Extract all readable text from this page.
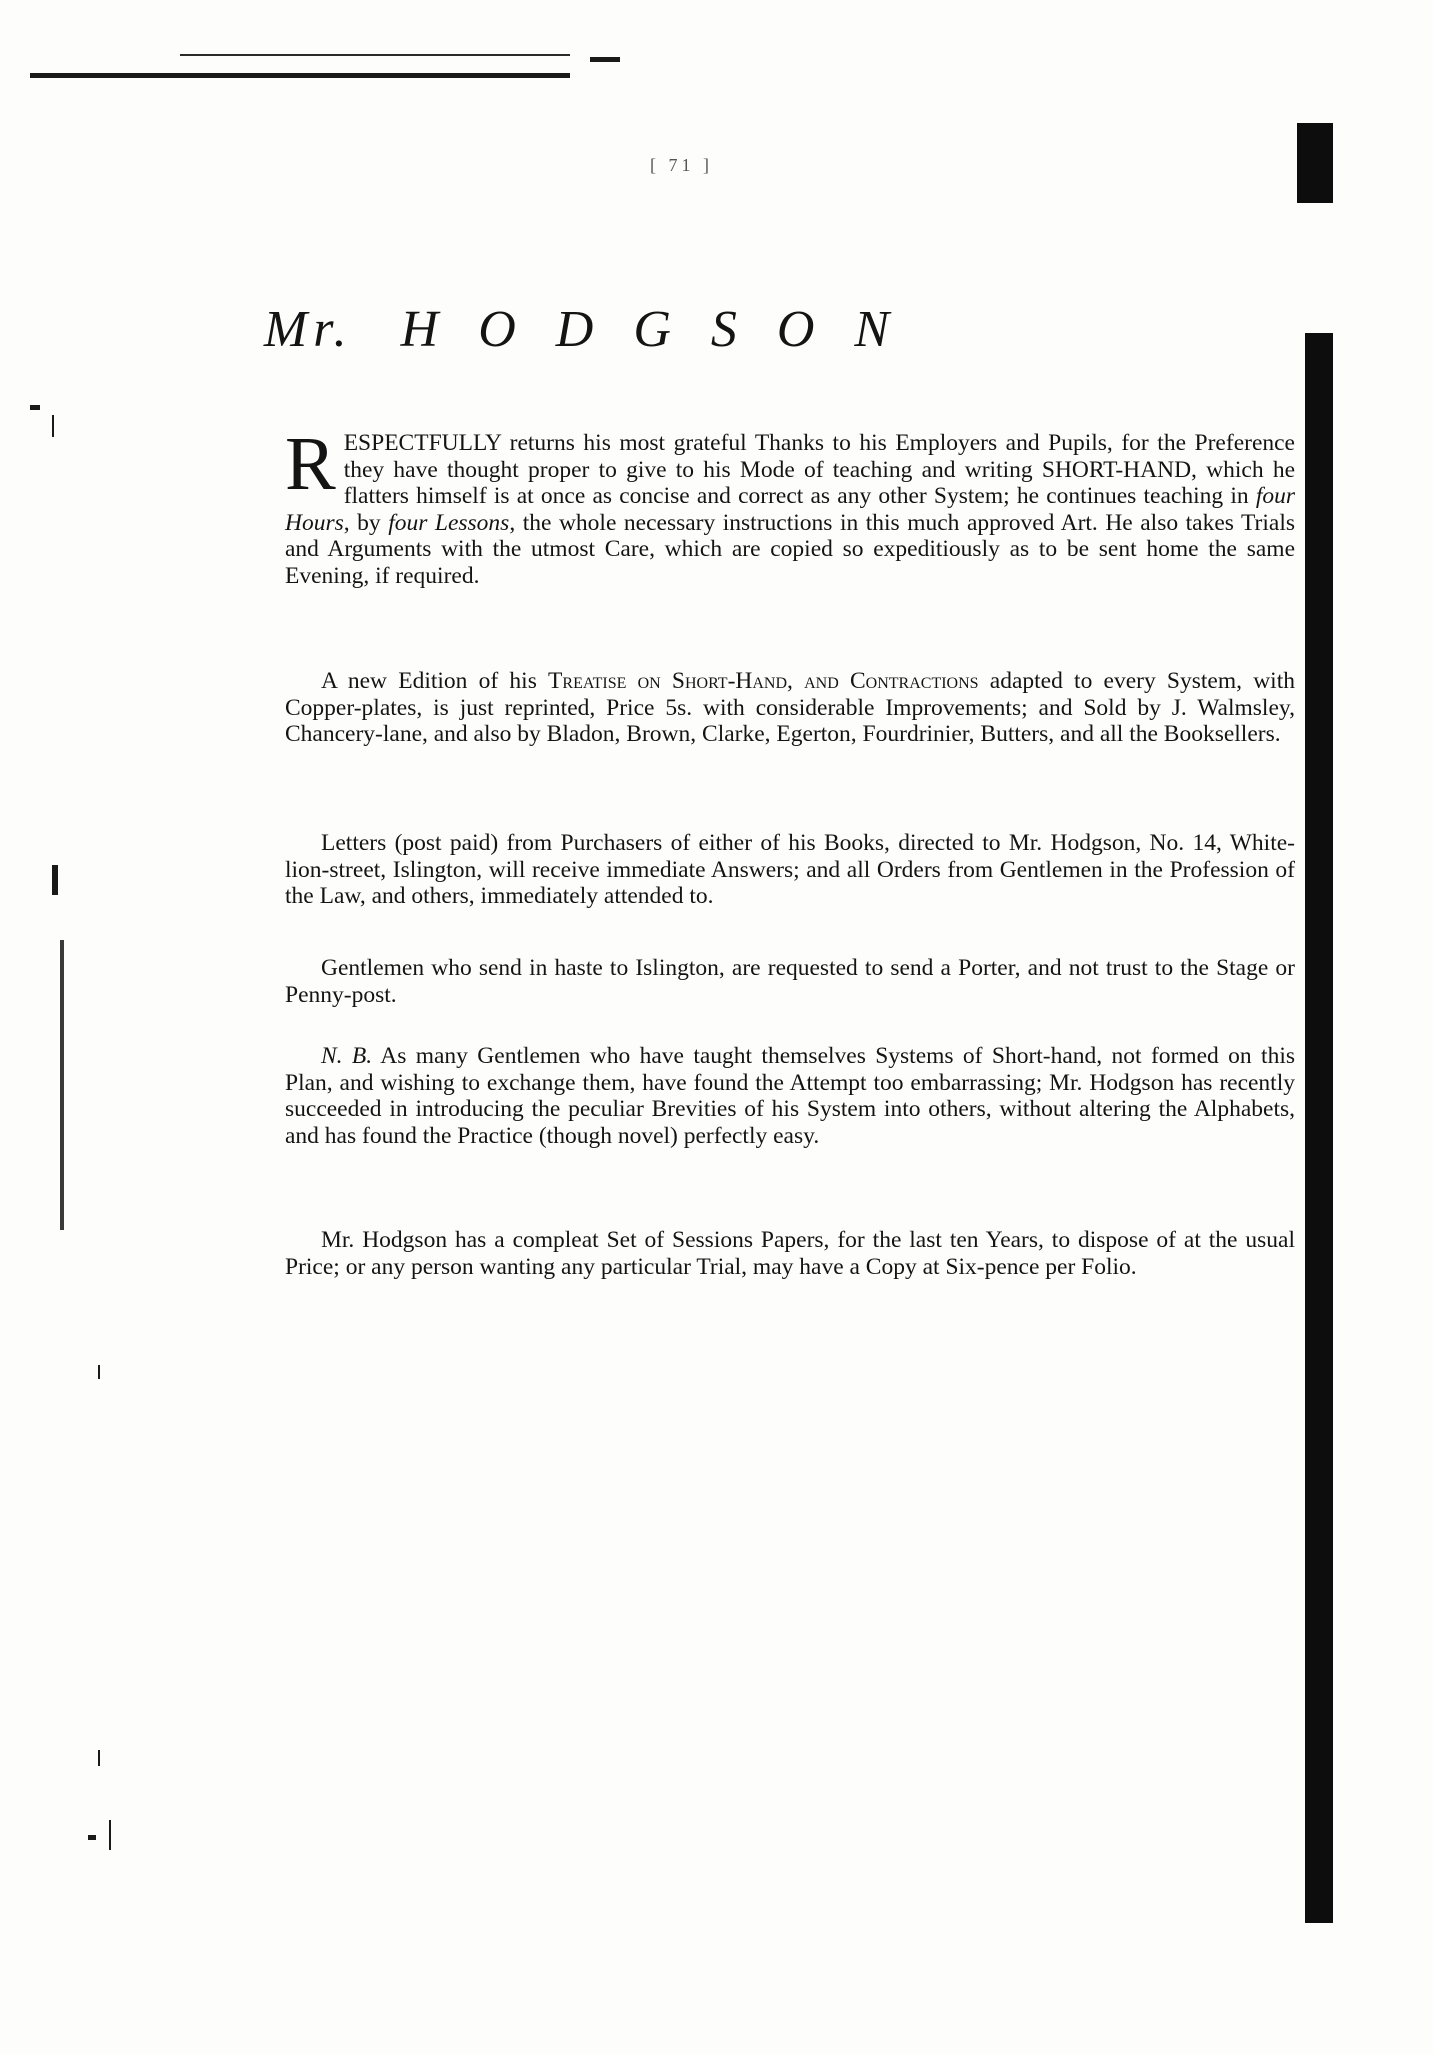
[ 71 ]
Mr. HODGSON
RESPECTFULLY returns his most grateful Thanks to his Employers and Pupils, for the Preference they have thought proper to give to his Mode of teaching and writing SHORT-HAND, which he flatters himself is at once as concise and correct as any other System; he continues teaching in four Hours, by four Lessons, the whole necessary instructions in this much approved Art. He also takes Trials and Arguments with the utmost Care, which are copied so expeditiously as to be sent home the same Evening, if required.
A new Edition of his Treatise on Short-Hand, and Contractions adapted to every System, with Copper-plates, is just reprinted, Price 5s. with considerable Improvements; and Sold by J. Walmsley, Chancery-lane, and also by Bladon, Brown, Clarke, Egerton, Fourdrinier, Butters, and all the Booksellers.
Letters (post paid) from Purchasers of either of his Books, directed to Mr. Hodgson, No. 14, White-lion-street, Islington, will receive immediate Answers; and all Orders from Gentlemen in the Profession of the Law, and others, immediately attended to.
Gentlemen who send in haste to Islington, are requested to send a Porter, and not trust to the Stage or Penny-post.
N. B. As many Gentlemen who have taught themselves Systems of Short-hand, not formed on this Plan, and wishing to exchange them, have found the Attempt too embarrassing; Mr. Hodgson has recently succeeded in introducing the peculiar Brevities of his System into others, without altering the Alphabets, and has found the Practice (though novel) perfectly easy.
Mr. Hodgson has a compleat Set of Sessions Papers, for the last ten Years, to dispose of at the usual Price; or any person wanting any particular Trial, may have a Copy at Six-pence per Folio.
